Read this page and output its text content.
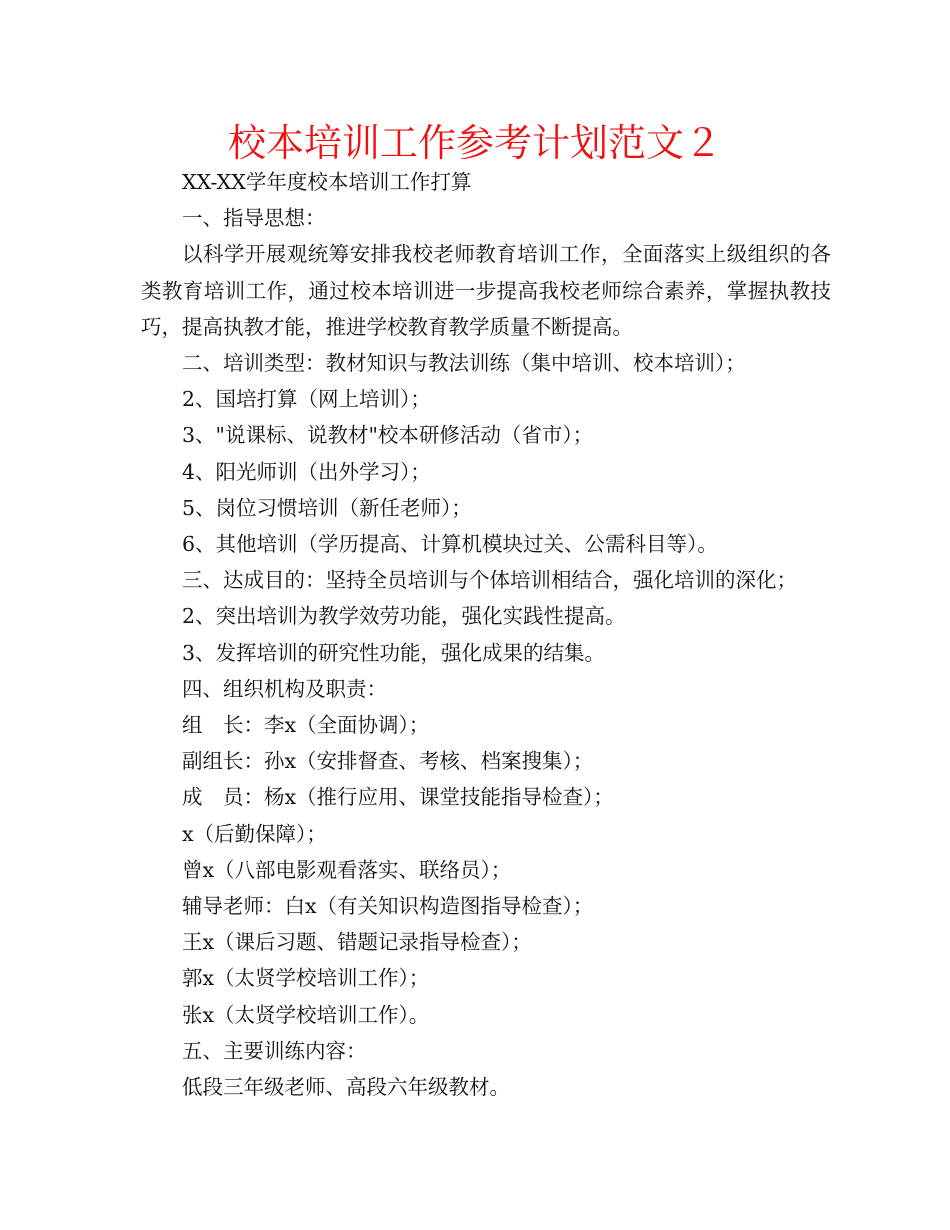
校本培训工作参考计划范文２

XX-XX学年度校本培训工作打算

一、指导思想：

以科学开展观统筹安排我校老师教育培训工作，全面落实上级组织的各类教育培训工作，通过校本培训进一步提高我校老师综合素养，掌握执教技巧，提高执教才能，推进学校教育教学质量不断提高。

二、培训类型：教材知识与教法训练（集中培训、校本培训）；

2、国培打算（网上培训）；

3、"说课标、说教材"校本研修活动（省市）；

4、阳光师训（出外学习）；

5、岗位习惯培训（新任老师）；

6、其他培训（学历提高、计算机模块过关、公需科目等）。

三、达成目的：坚持全员培训与个体培训相结合，强化培训的深化；

2、突出培训为教学效劳功能，强化实践性提高。

3、发挥培训的研究性功能，强化成果的结集。

四、组织机构及职责：

组　长：李x（全面协调）；

副组长：孙x（安排督查、考核、档案搜集）；

成　员：杨x（推行应用、课堂技能指导检查）；

x（后勤保障）；

曾x（八部电影观看落实、联络员）；

辅导老师：白x（有关知识构造图指导检查）；

王x（课后习题、错题记录指导检查）；

郭x（太贤学校培训工作）；

张x（太贤学校培训工作）。

五、主要训练内容：

低段三年级老师、高段六年级教材。
